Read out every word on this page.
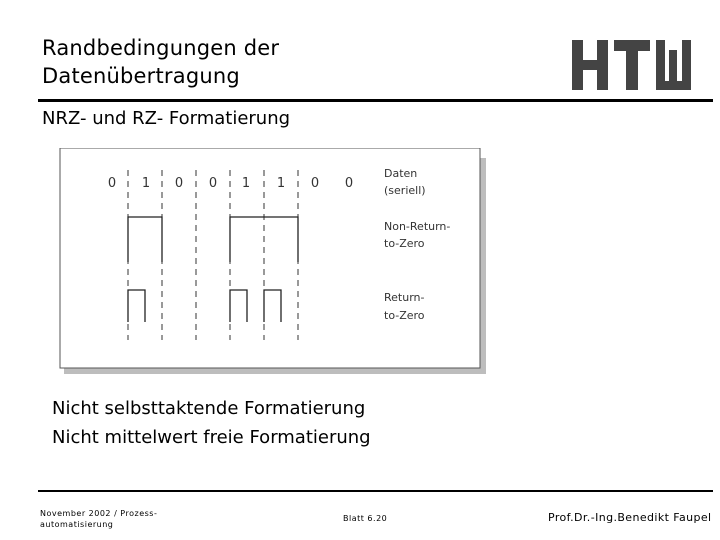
Randbedingungen der
Datenübertragung
NRZ- und RZ- Formatierung
0 1 0 0 1 1 0 0
Daten
(seriell)
Non-Return-
to-Zero
Return-
to-Zero
Nicht selbsttaktende Formatierung
Nicht mittelwert freie Formatierung
November 2002 / Prozess-
automatisierung
Blatt 6.20	Prof.Dr.-Ing.Benedikt Faupel
